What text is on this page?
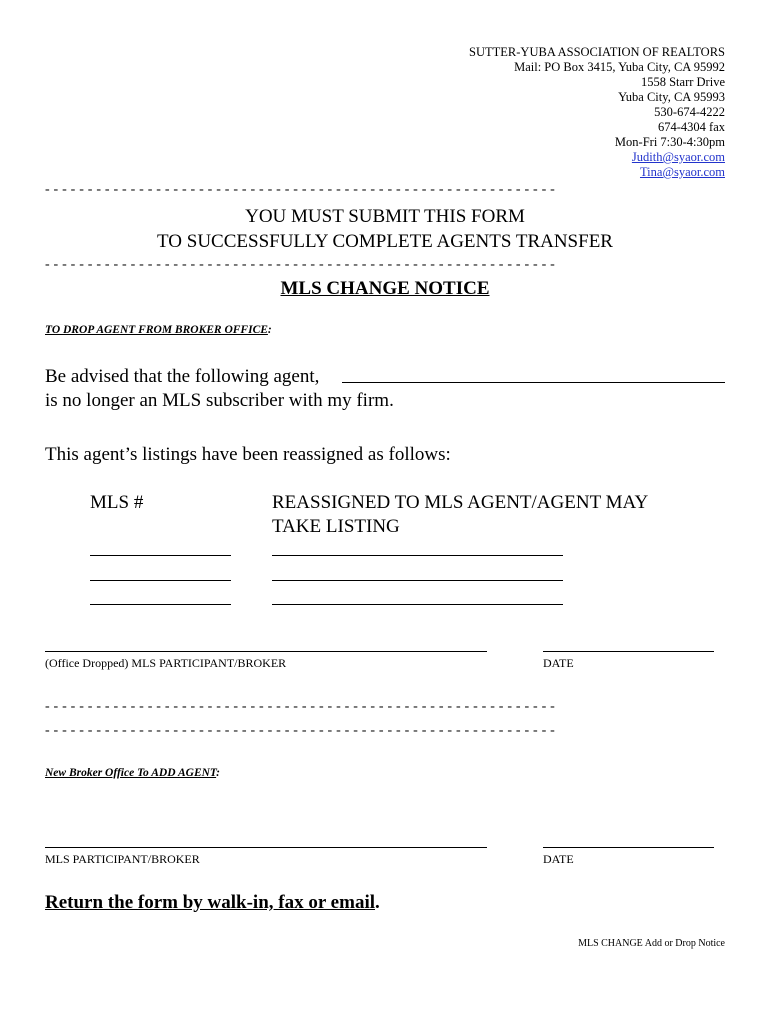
SUTTER-YUBA ASSOCIATION OF REALTORS
Mail: PO Box 3415, Yuba City, CA 95992
1558 Starr Drive
Yuba City, CA 95993
530-674-4222
674-4304 fax
Mon-Fri 7:30-4:30pm
Judith@syaor.com
Tina@syaor.com
------------------------------------------------------------
YOU MUST SUBMIT THIS FORM
TO SUCCESSFULLY COMPLETE AGENTS TRANSFER
------------------------------------------------------------
MLS CHANGE NOTICE
TO DROP AGENT FROM BROKER OFFICE:
Be advised that the following agent,
is no longer an MLS subscriber with my firm.
This agent’s listings have been reassigned as follows:
MLS #	REASSIGNED TO MLS AGENT/AGENT MAY
TAKE LISTING
(Office Dropped) MLS PARTICIPANT/BROKER	DATE
------------------------------------------------------------
------------------------------------------------------------
New Broker Office To ADD AGENT:
MLS PARTICIPANT/BROKER	DATE
Return the form by walk-in, fax or email.
MLS CHANGE Add or Drop Notice
